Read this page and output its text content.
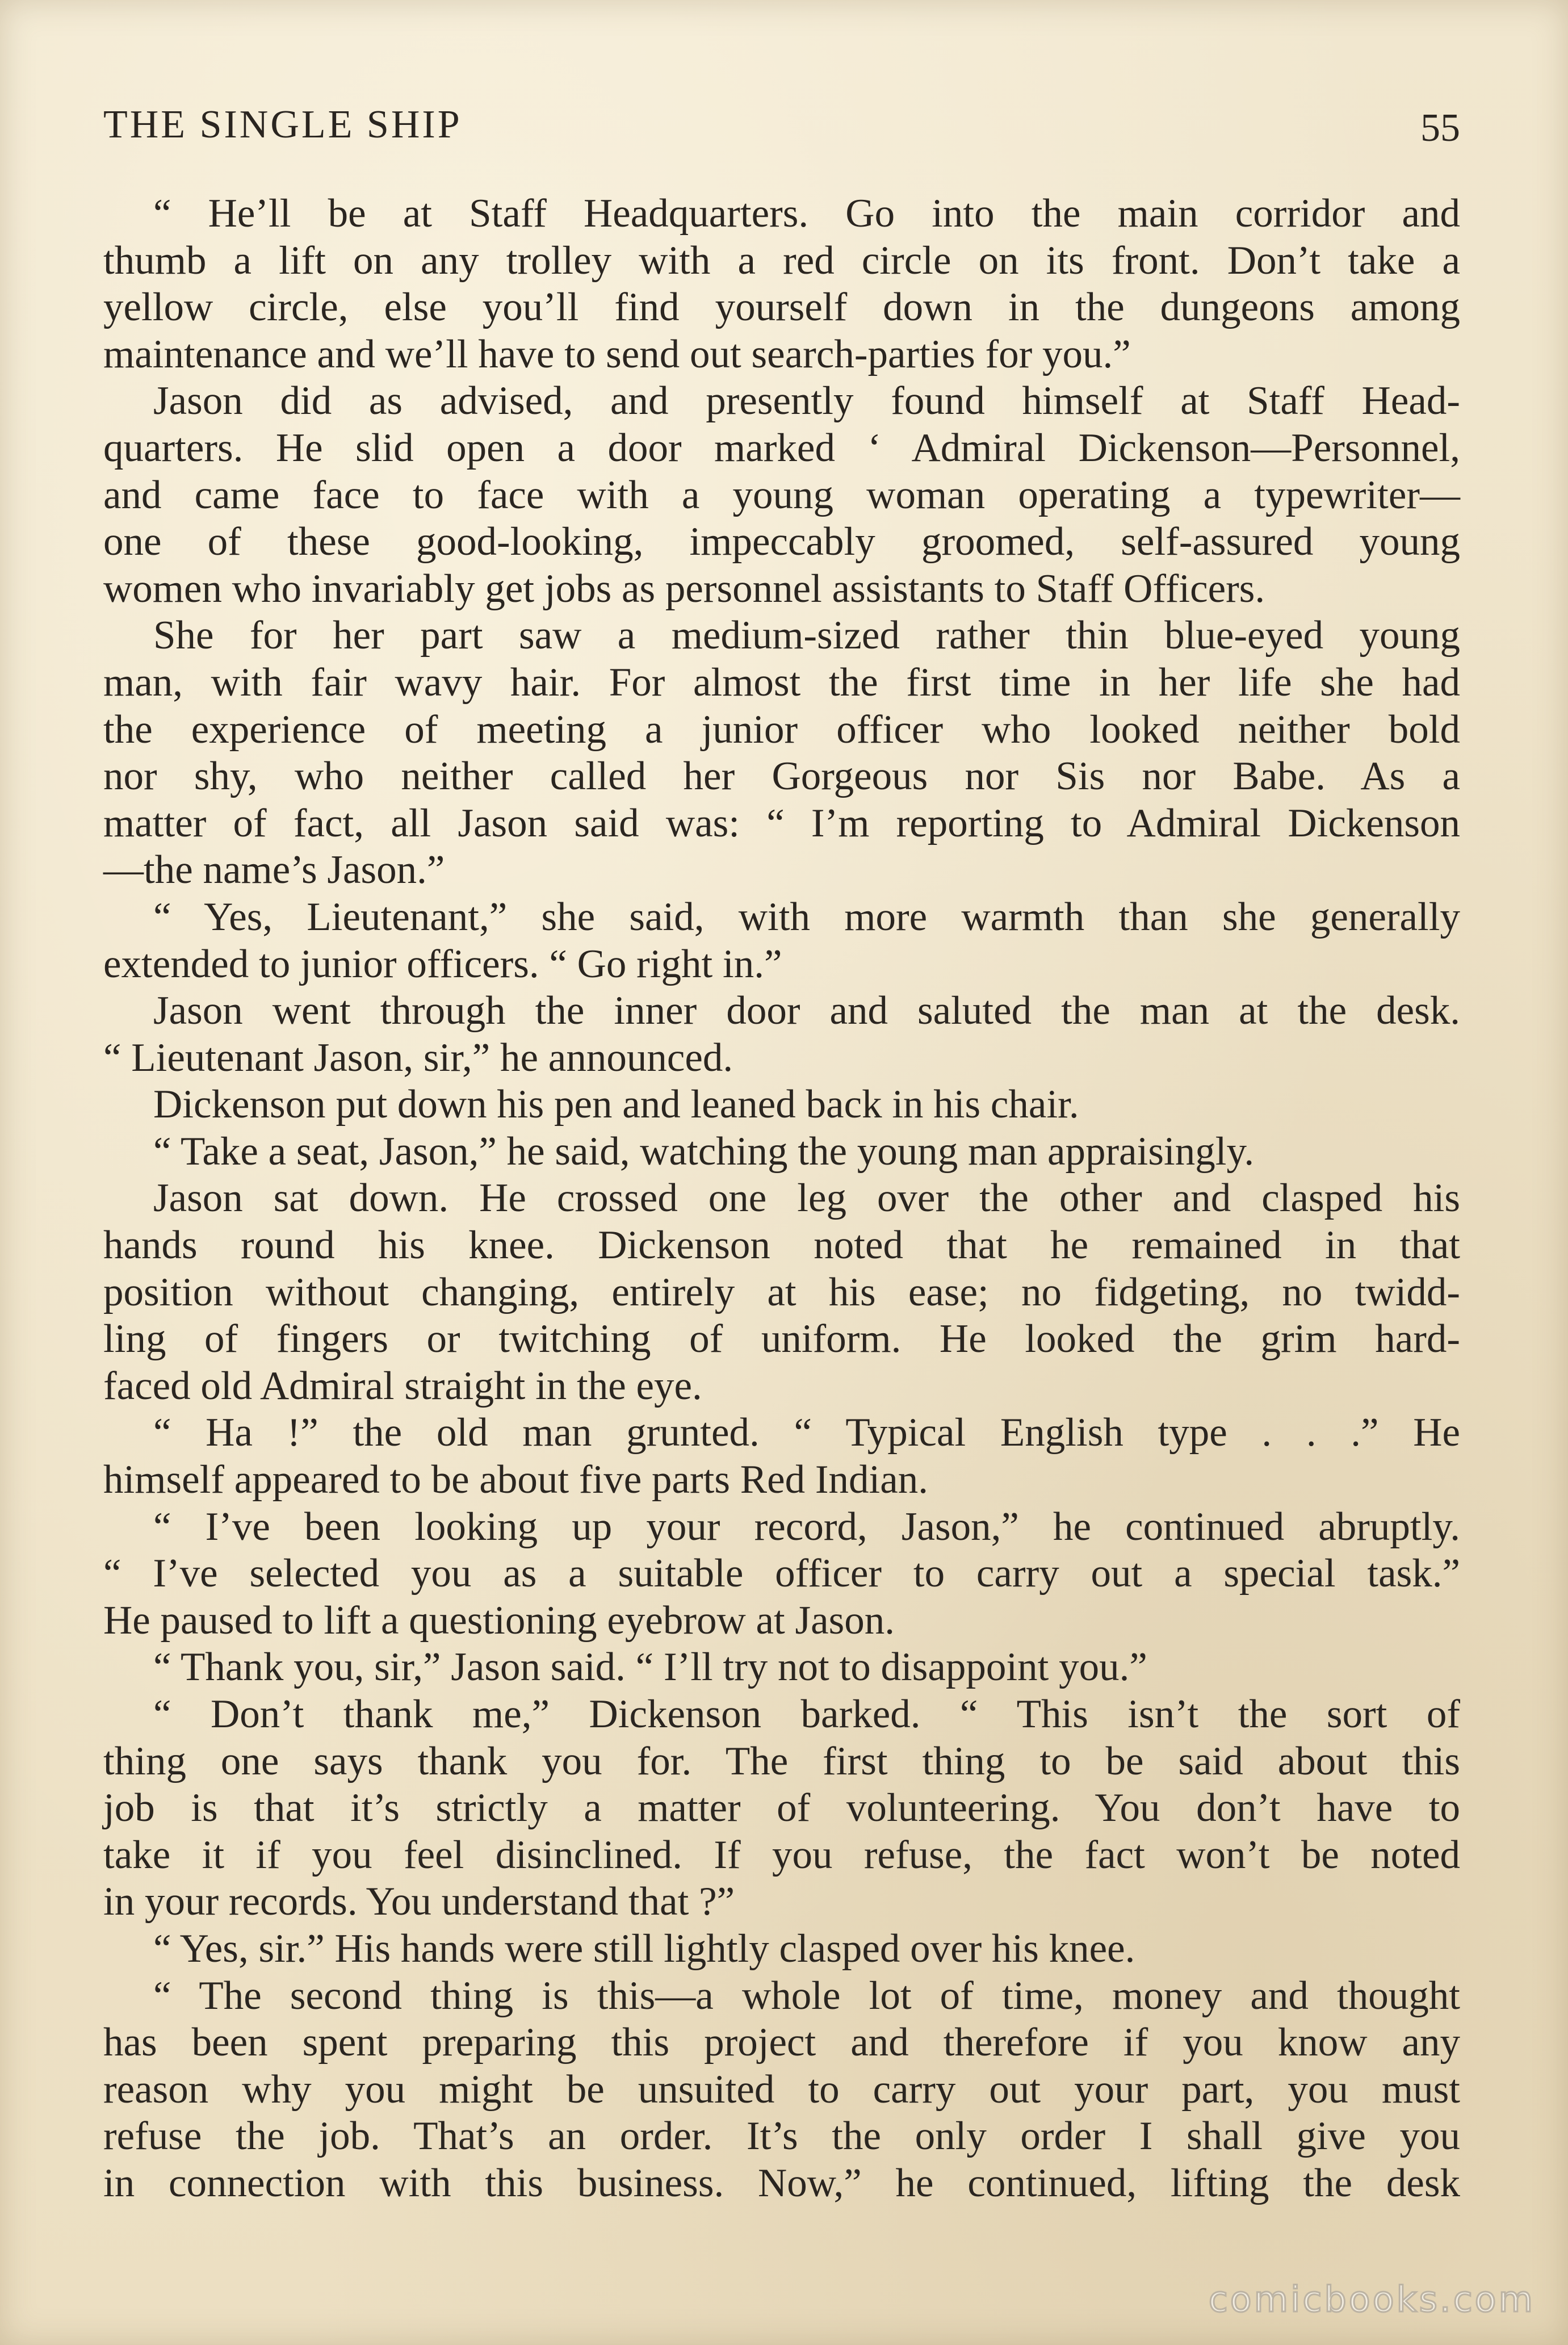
THE SINGLE SHIP	55
“ He’ll be at Staff Headquarters. Go into the main corridor and
thumb a lift on any trolley with a red circle on its front. Don’t take a
yellow circle, else you’ll find yourself down in the dungeons among
maintenance and we’ll have to send out search-parties for you.”
Jason did as advised, and presently found himself at Staff Head-
quarters. He slid open a door marked ‘ Admiral Dickenson—Personnel,
and came face to face with a young woman operating a typewriter—
one of these good-looking, impeccably groomed, self-assured young
women who invariably get jobs as personnel assistants to Staff Officers.
She for her part saw a medium-sized rather thin blue-eyed young
man, with fair wavy hair. For almost the first time in her life she had
the experience of meeting a junior officer who looked neither bold
nor shy, who neither called her Gorgeous nor Sis nor Babe. As a
matter of fact, all Jason said was: “ I’m reporting to Admiral Dickenson
—the name’s Jason.”
“ Yes, Lieutenant,” she said, with more warmth than she generally
extended to junior officers. “ Go right in.”
Jason went through the inner door and saluted the man at the desk.
“ Lieutenant Jason, sir,” he announced.
Dickenson put down his pen and leaned back in his chair.
“ Take a seat, Jason,” he said, watching the young man appraisingly.
Jason sat down. He crossed one leg over the other and clasped his
hands round his knee. Dickenson noted that he remained in that
position without changing, entirely at his ease; no fidgeting, no twidd-
ling of fingers or twitching of uniform. He looked the grim hard-
faced old Admiral straight in the eye.
“ Ha !” the old man grunted. “ Typical English type . . .” He
himself appeared to be about five parts Red Indian.
“ I’ve been looking up your record, Jason,” he continued abruptly.
“ I’ve selected you as a suitable officer to carry out a special task.”
He paused to lift a questioning eyebrow at Jason.
“ Thank you, sir,” Jason said. “ I’ll try not to disappoint you.”
“ Don’t thank me,” Dickenson barked. “ This isn’t the sort of
thing one says thank you for. The first thing to be said about this
job is that it’s strictly a matter of volunteering. You don’t have to
take it if you feel disinclined. If you refuse, the fact won’t be noted
in your records. You understand that ?”
“ Yes, sir.” His hands were still lightly clasped over his knee.
“ The second thing is this—a whole lot of time, money and thought
has been spent preparing this project and therefore if you know any
reason why you might be unsuited to carry out your part, you must
refuse the job. That’s an order. It’s the only order I shall give you
in connection with this business. Now,” he continued, lifting the desk
comicbooks.com
